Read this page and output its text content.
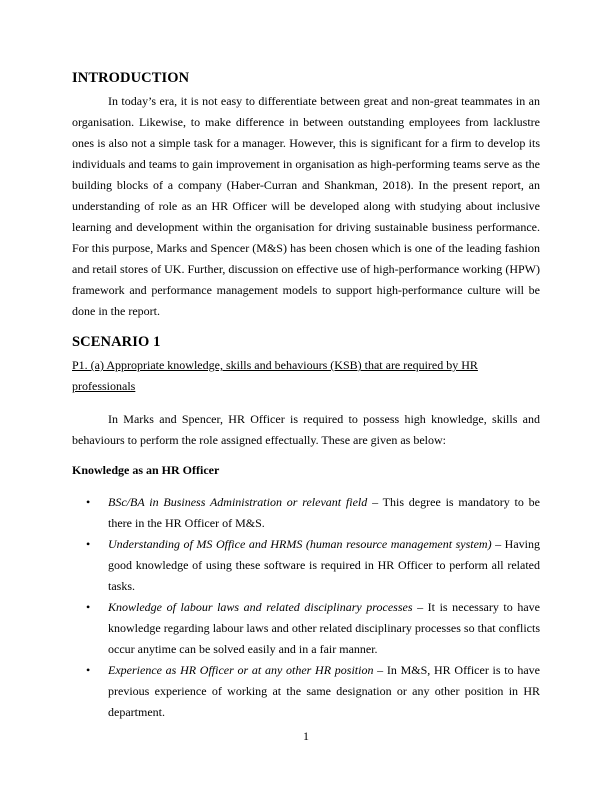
INTRODUCTION

In today’s era, it is not easy to differentiate between great and non-great teammates in an organisation. Likewise, to make difference in between outstanding employees from lacklustre ones is also not a simple task for a manager. However, this is significant for a firm to develop its individuals and teams to gain improvement in organisation as high-performing teams serve as the building blocks of a company (Haber-Curran and Shankman, 2018). In the present report, an understanding of role as an HR Officer will be developed along with studying about inclusive learning and development within the organisation for driving sustainable business performance. For this purpose, Marks and Spencer (M&S) has been chosen which is one of the leading fashion and retail stores of UK. Further, discussion on effective use of high-performance working (HPW) framework and performance management models to support high-performance culture will be done in the report.

SCENARIO 1

P1. (a) Appropriate knowledge, skills and behaviours (KSB) that are required by HR professionals

In Marks and Spencer, HR Officer is required to possess high knowledge, skills and behaviours to perform the role assigned effectually. These are given as below:

Knowledge as an HR Officer
• BSc/BA in Business Administration or relevant field – This degree is mandatory to be there in the HR Officer of M&S.
• Understanding of MS Office and HRMS (human resource management system) – Having good knowledge of using these software is required in HR Officer to perform all related tasks.
• Knowledge of labour laws and related disciplinary processes – It is necessary to have knowledge regarding labour laws and other related disciplinary processes so that conflicts occur anytime can be solved easily and in a fair manner.
• Experience as HR Officer or at any other HR position – In M&S, HR Officer is to have previous experience of working at the same designation or any other position in HR department.
1
